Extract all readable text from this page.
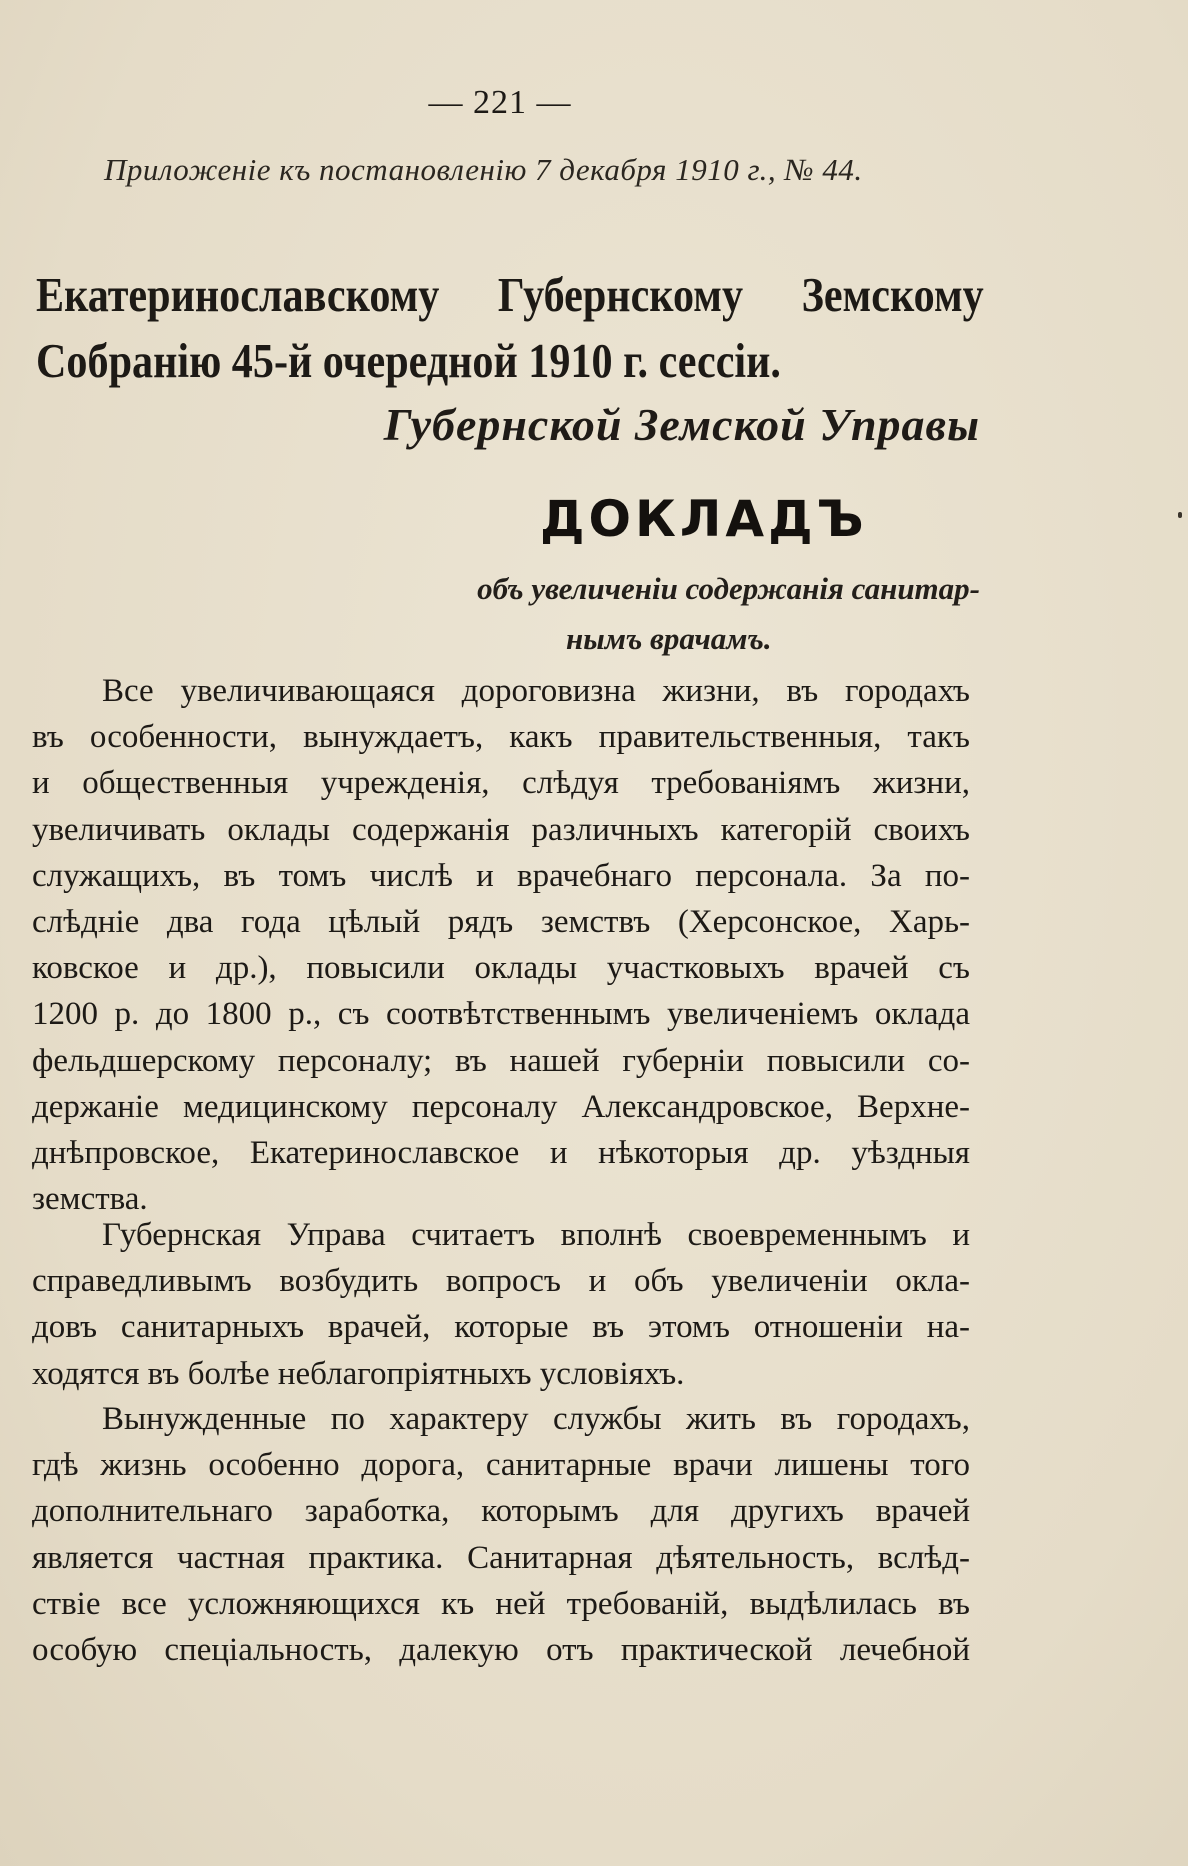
— 221 —
Приложенie къ постановленiю 7 декабря 1910 г., № 44.
Екатеринославскому Губернскому Земскому
Собранiю 45-й очередной 1910 г. сессiи.
Губернской Земской Управы
ДОКЛАДЪ
объ увеличенiи содержанiя санитар-
нымъ врачамъ.
Все увеличивающаяся дороговизна жизни, въ городахъ
въ особенности, вынуждаетъ, какъ правительственныя, такъ
и общественныя учрежденiя, слѣдуя требованiямъ жизни,
увеличивать оклады содержанiя различныхъ категорiй своихъ
служащихъ, въ томъ числѣ и врачебнаго персонала. За по-
слѣднiе два года цѣлый рядъ земствъ (Херсонское, Харь-
ковское и др.), повысили оклады участковыхъ врачей съ
1200 р. до 1800 р., съ соотвѣтственнымъ увеличенiемъ оклада
фельдшерскому персоналу; въ нашей губернiи повысили со-
держанiе медицинскому персоналу Александровское, Верхне-
днѣпровское, Екатеринославское и нѣкоторыя др. уѣздныя
земства.
Губернская Управа считаетъ вполнѣ своевременнымъ и
справедливымъ возбудить вопросъ и объ увеличенiи окла-
довъ санитарныхъ врачей, которые въ этомъ отношенiи на-
ходятся въ болѣе неблагопрiятныхъ условiяхъ.
Вынужденные по характеру службы жить въ городахъ,
гдѣ жизнь особенно дорога, санитарные врачи лишены того
дополнительнаго заработка, которымъ для другихъ врачей
является частная практика. Санитарная дѣятельность, вслѣд-
ствiе все усложняющихся къ ней требованiй, выдѣлилась въ
особую спецiальность, далекую отъ практической лечебной
